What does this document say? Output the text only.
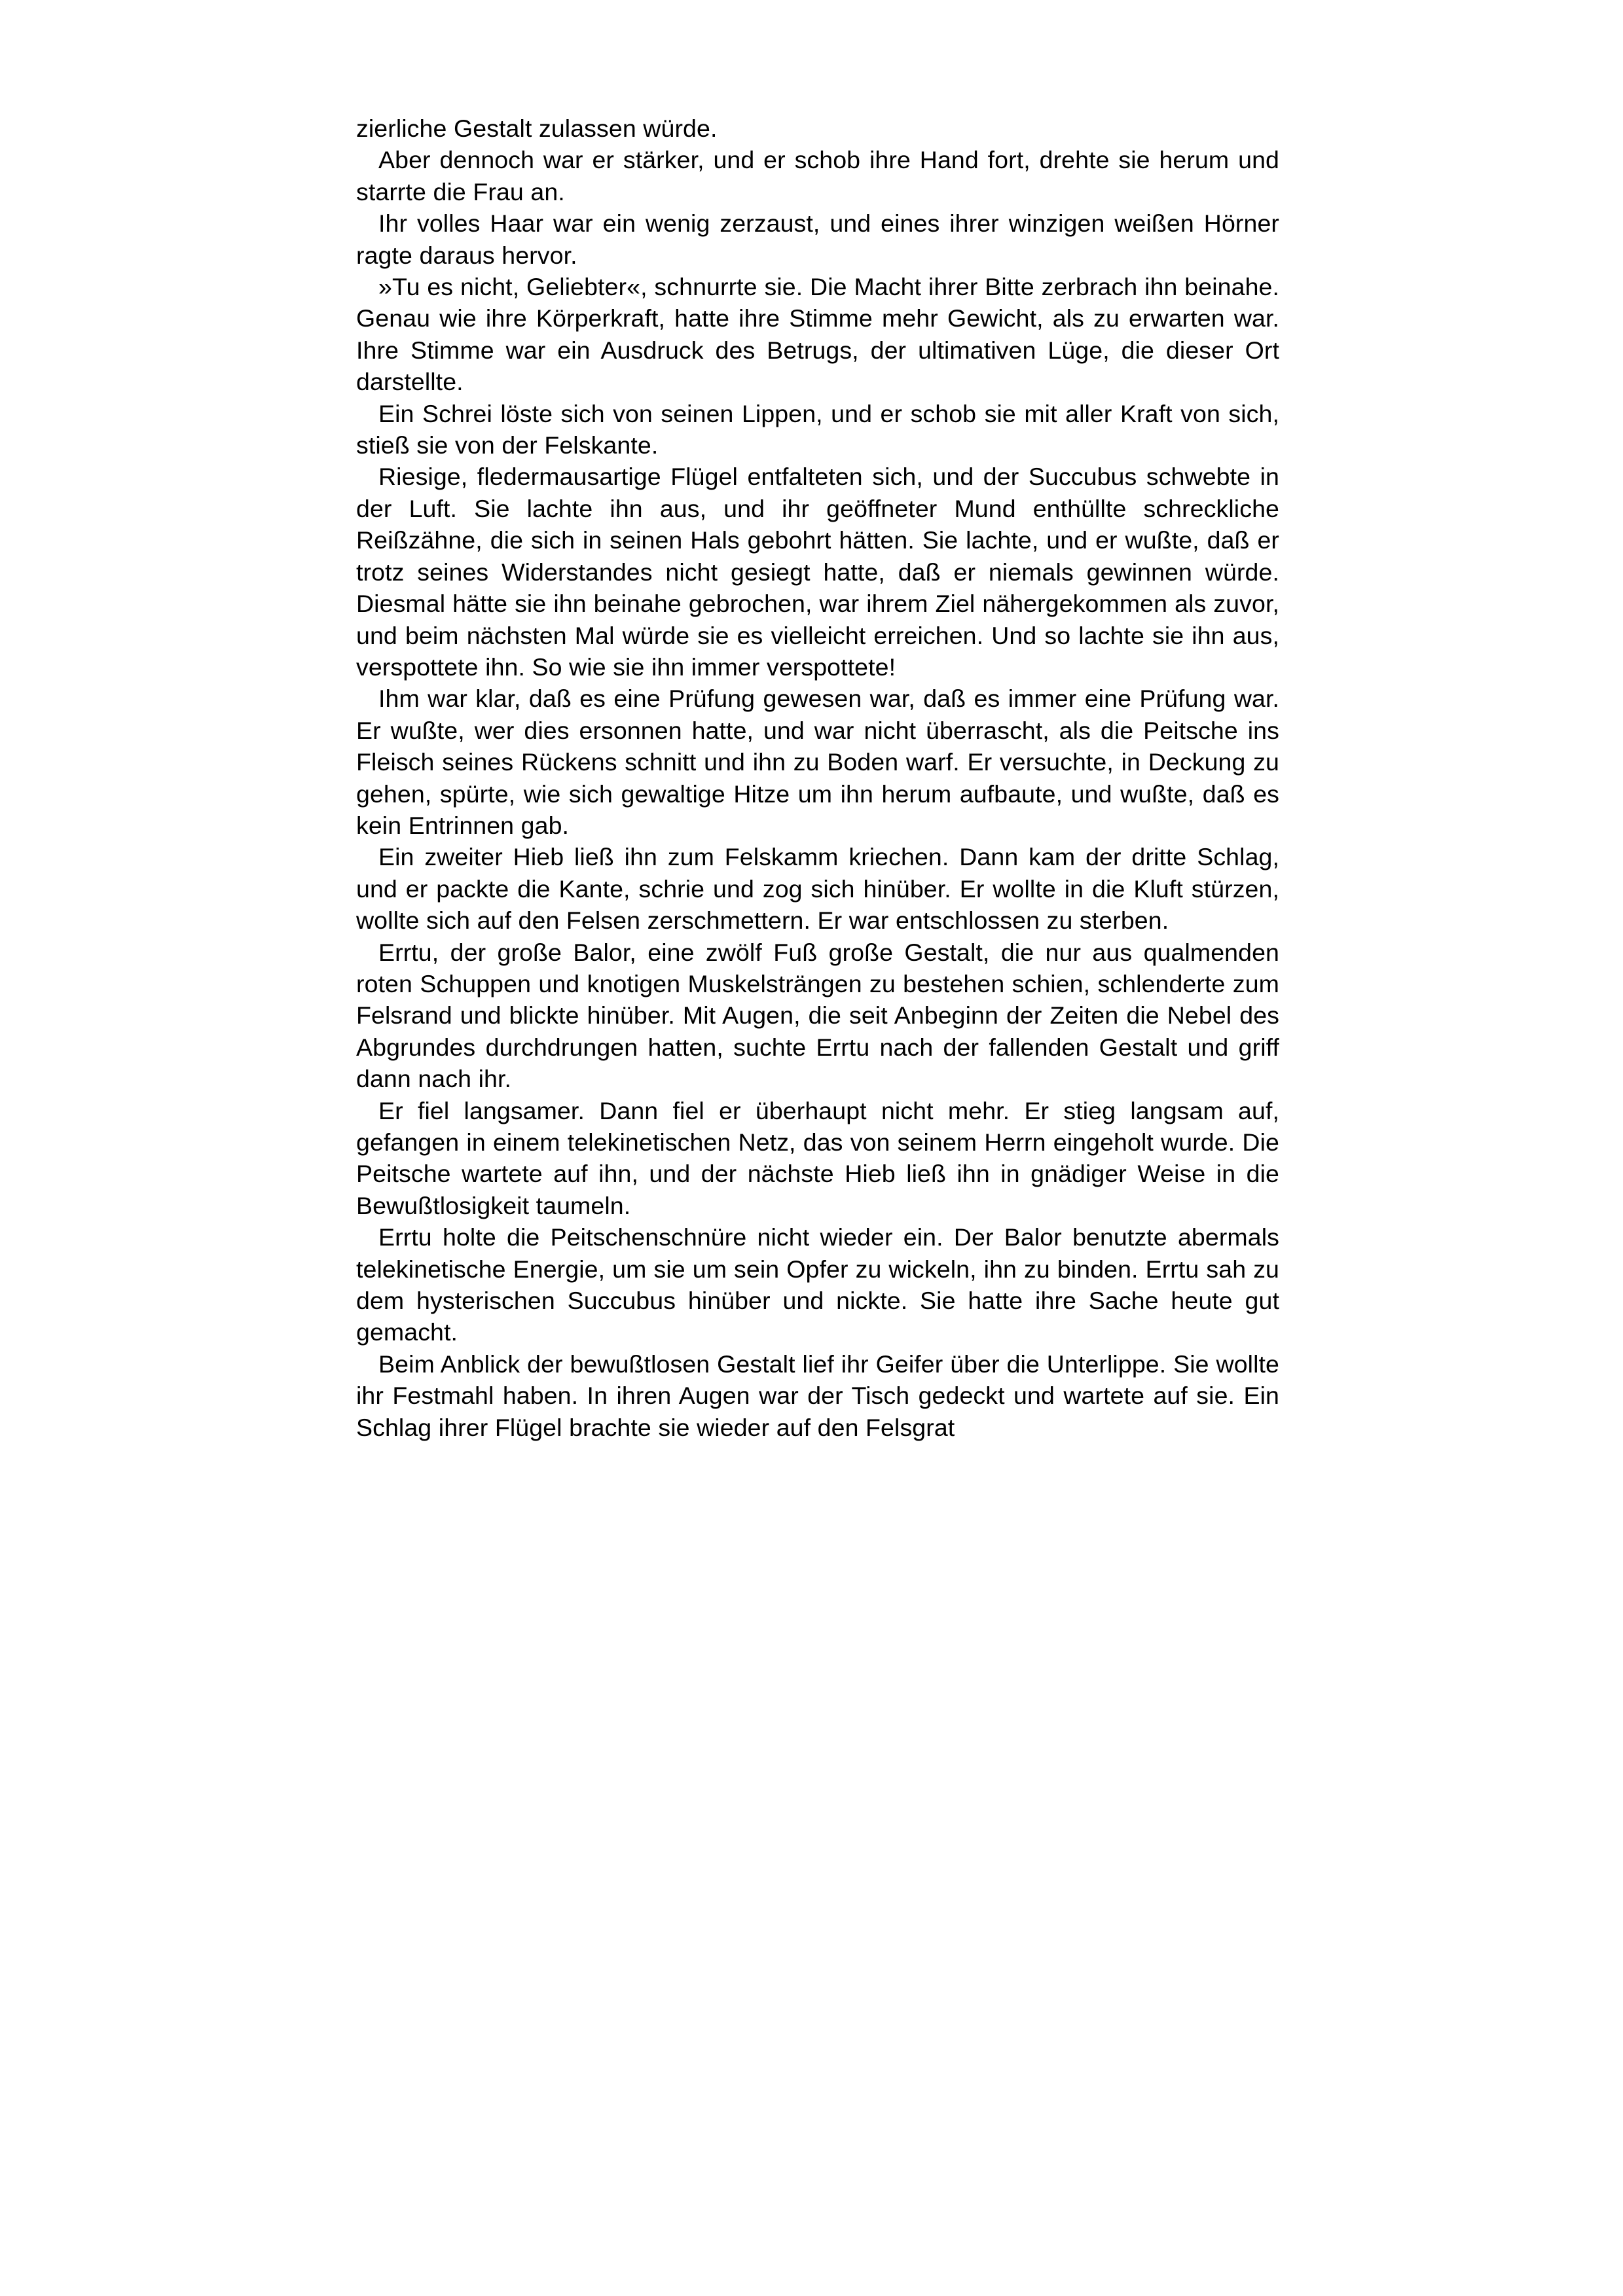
zierliche Gestalt zulassen würde.

Aber dennoch war er stärker, und er schob ihre Hand fort, drehte sie herum und starrte die Frau an.

Ihr volles Haar war ein wenig zerzaust, und eines ihrer winzigen weißen Hörner ragte daraus hervor.

»Tu es nicht, Geliebter«, schnurrte sie. Die Macht ihrer Bitte zerbrach ihn beinahe. Genau wie ihre Körperkraft, hatte ihre Stimme mehr Gewicht, als zu erwarten war. Ihre Stimme war ein Ausdruck des Betrugs, der ultimativen Lüge, die dieser Ort darstellte.

Ein Schrei löste sich von seinen Lippen, und er schob sie mit aller Kraft von sich, stieß sie von der Felskante.

Riesige, fledermausartige Flügel entfalteten sich, und der Succubus schwebte in der Luft. Sie lachte ihn aus, und ihr geöffneter Mund enthüllte schreckliche Reißzähne, die sich in seinen Hals gebohrt hätten. Sie lachte, und er wußte, daß er trotz seines Widerstandes nicht gesiegt hatte, daß er niemals gewinnen würde. Diesmal hätte sie ihn beinahe gebrochen, war ihrem Ziel nähergekommen als zuvor, und beim nächsten Mal würde sie es vielleicht erreichen. Und so lachte sie ihn aus, verspottete ihn. So wie sie ihn immer verspottete!

Ihm war klar, daß es eine Prüfung gewesen war, daß es immer eine Prüfung war. Er wußte, wer dies ersonnen hatte, und war nicht überrascht, als die Peitsche ins Fleisch seines Rückens schnitt und ihn zu Boden warf. Er versuchte, in Deckung zu gehen, spürte, wie sich gewaltige Hitze um ihn herum aufbaute, und wußte, daß es kein Entrinnen gab.

Ein zweiter Hieb ließ ihn zum Felskamm kriechen. Dann kam der dritte Schlag, und er packte die Kante, schrie und zog sich hinüber. Er wollte in die Kluft stürzen, wollte sich auf den Felsen zerschmettern. Er war entschlossen zu sterben.

Errtu, der große Balor, eine zwölf Fuß große Gestalt, die nur aus qualmenden roten Schuppen und knotigen Muskelsträngen zu bestehen schien, schlenderte zum Felsrand und blickte hinüber. Mit Augen, die seit Anbeginn der Zeiten die Nebel des Abgrundes durchdrungen hatten, suchte Errtu nach der fallenden Gestalt und griff dann nach ihr.

Er fiel langsamer. Dann fiel er überhaupt nicht mehr. Er stieg langsam auf, gefangen in einem telekinetischen Netz, das von seinem Herrn eingeholt wurde. Die Peitsche wartete auf ihn, und der nächste Hieb ließ ihn in gnädiger Weise in die Bewußtlosigkeit taumeln.

Errtu holte die Peitschenschnüre nicht wieder ein. Der Balor benutzte abermals telekinetische Energie, um sie um sein Opfer zu wickeln, ihn zu binden. Errtu sah zu dem hysterischen Succubus hinüber und nickte. Sie hatte ihre Sache heute gut gemacht.

Beim Anblick der bewußtlosen Gestalt lief ihr Geifer über die Unterlippe. Sie wollte ihr Festmahl haben. In ihren Augen war der Tisch gedeckt und wartete auf sie. Ein Schlag ihrer Flügel brachte sie wieder auf den Felsgrat
